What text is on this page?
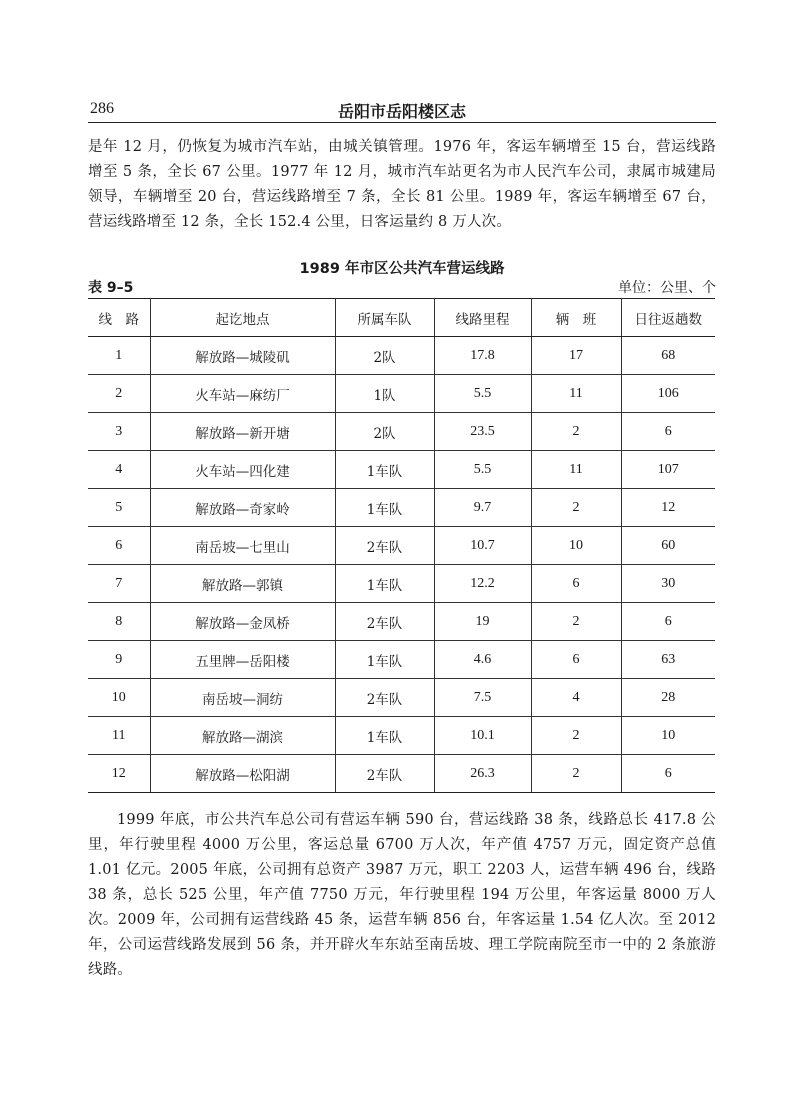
286	岳阳市岳阳楼区志
是年 12 月，仍恢复为城市汽车站，由城关镇管理。1976 年，客运车辆增至 15 台，营运线路增至 5 条，全长 67 公里。1977 年 12 月，城市汽车站更名为市人民汽车公司，隶属市城建局领导，车辆增至 20 台，营运线路增至 7 条，全长 81 公里。1989 年，客运车辆增至 67 台，营运线路增至 12 条，全长 152.4 公里，日客运量约 8 万人次。
1989 年市区公共汽车营运线路
表 9–5	单位：公里、个
线　路	起讫地点	所属车队	线路里程	辆　班	日往返趟数
1	解放路—城陵矶	2队	17.8	17	68
2	火车站—麻纺厂	1队	5.5	11	106
3	解放路—新开塘	2队	23.5	2	6
4	火车站—四化建	1车队	5.5	11	107
5	解放路—奇家岭	1车队	9.7	2	12
6	南岳坡—七里山	2车队	10.7	10	60
7	解放路—郭镇	1车队	12.2	6	30
8	解放路—金凤桥	2车队	19	2	6
9	五里牌—岳阳楼	1车队	4.6	6	63
10	南岳坡—洞纺	2车队	7.5	4	28
11	解放路—湖滨	1车队	10.1	2	10
12	解放路—松阳湖	2车队	26.3	2	6
1999 年底，市公共汽车总公司有营运车辆 590 台，营运线路 38 条，线路总长 417.8 公里，年行驶里程 4000 万公里，客运总量 6700 万人次，年产值 4757 万元，固定资产总值 1.01 亿元。2005 年底，公司拥有总资产 3987 万元，职工 2203 人，运营车辆 496 台，线路 38 条，总长 525 公里，年产值 7750 万元，年行驶里程 194 万公里，年客运量 8000 万人次。2009 年，公司拥有运营线路 45 条，运营车辆 856 台，年客运量 1.54 亿人次。至 2012 年，公司运营线路发展到 56 条，并开辟火车东站至南岳坡、理工学院南院至市一中的 2 条旅游线路。
